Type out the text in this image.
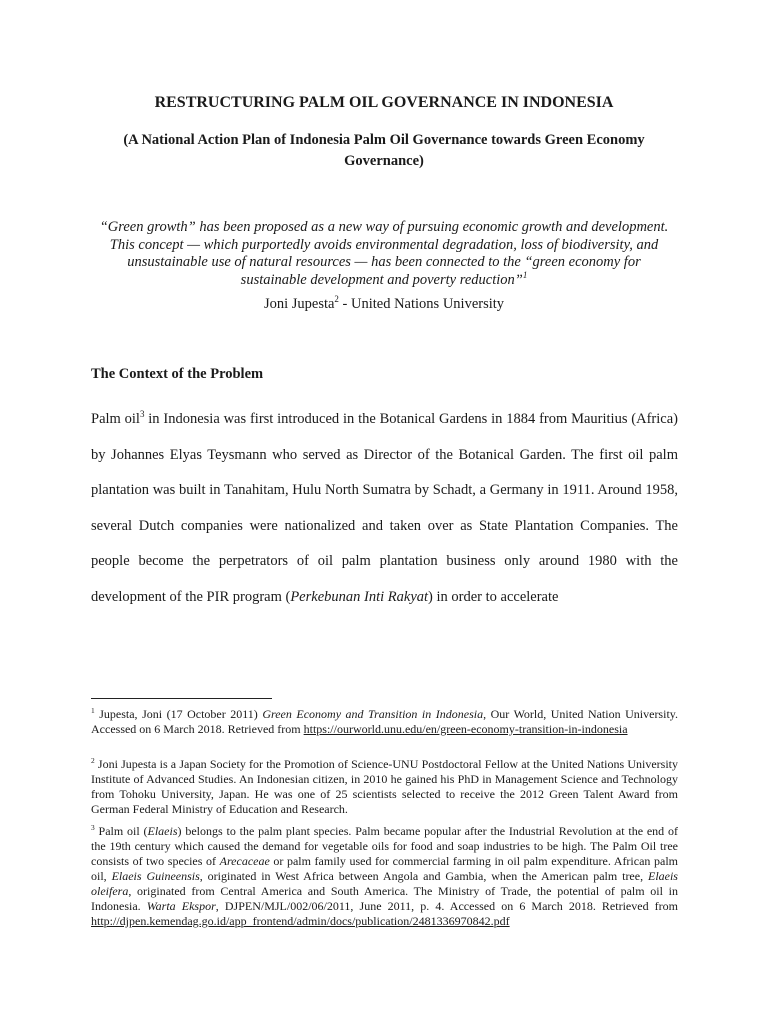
RESTRUCTURING PALM OIL GOVERNANCE IN INDONESIA
(A National Action Plan of Indonesia Palm Oil Governance towards Green Economy Governance)
“Green growth” has been proposed as a new way of pursuing economic growth and development. This concept — which purportedly avoids environmental degradation, loss of biodiversity, and unsustainable use of natural resources — has been connected to the “green economy for sustainable development and poverty reduction”$^1$
Joni Jupesta$^2$ - United Nations University
The Context of the Problem
Palm oil$^3$ in Indonesia was first introduced in the Botanical Gardens in 1884 from Mauritius (Africa) by Johannes Elyas Teysmann who served as Director of the Botanical Garden. The first oil palm plantation was built in Tanahitam, Hulu North Sumatra by Schadt, a Germany in 1911. Around 1958, several Dutch companies were nationalized and taken over as State Plantation Companies. The people become the perpetrators of oil palm plantation business only around 1980 with the development of the PIR program (Perkebunan Inti Rakyat) in order to accelerate
$^1$ Jupesta, Joni (17 October 2011) Green Economy and Transition in Indonesia, Our World, United Nation University. Accessed on 6 March 2018. Retrieved from https://ourworld.unu.edu/en/green-economy-transition-in-indonesia
$^2$ Joni Jupesta is a Japan Society for the Promotion of Science-UNU Postdoctoral Fellow at the United Nations University Institute of Advanced Studies. An Indonesian citizen, in 2010 he gained his PhD in Management Science and Technology from Tohoku University, Japan. He was one of 25 scientists selected to receive the 2012 Green Talent Award from German Federal Ministry of Education and Research.
$^3$ Palm oil (Elaeis) belongs to the palm plant species. Palm became popular after the Industrial Revolution at the end of the 19th century which caused the demand for vegetable oils for food and soap industries to be high. The Palm Oil tree consists of two species of Arecaceae or palm family used for commercial farming in oil palm expenditure. African palm oil, Elaeis Guineensis, originated in West Africa between Angola and Gambia, when the American palm tree, Elaeis oleifera, originated from Central America and South America. The Ministry of Trade, the potential of palm oil in Indonesia. Warta Ekspor, DJPEN/MJL/002/06/2011, June 2011, p. 4. Accessed on 6 March 2018. Retrieved from http://djpen.kemendag.go.id/app_frontend/admin/docs/publication/2481336970842.pdf
